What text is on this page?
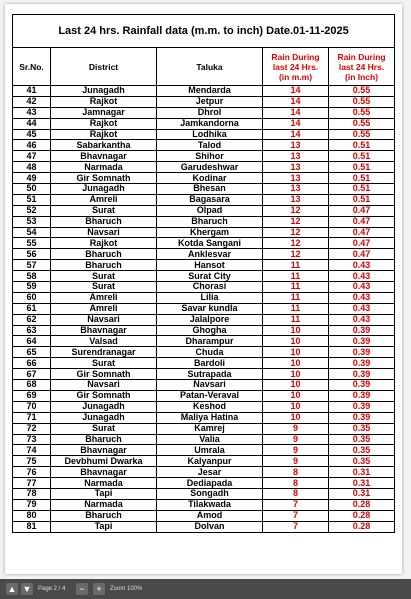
Last 24 hrs. Rainfall data (m.m. to inch) Date.01-11-2025				
Sr.No.	District	Taluka	Rain During last 24 Hrs. (in m.m)	Rain During last 24 Hrs. (in Inch)

41	Junagadh	Mendarda	14	0.55
42	Rajkot	Jetpur	14	0.55
43	Jamnagar	Dhrol	14	0.55
44	Rajkot	Jamkandorna	14	0.55
45	Rajkot	Lodhika	14	0.55
46	Sabarkantha	Talod	13	0.51
47	Bhavnagar	Shihor	13	0.51
48	Narmada	Garudeshwar	13	0.51
49	Gir Somnath	Kodinar	13	0.51
50	Junagadh	Bhesan	13	0.51
51	Amreli	Bagasara	13	0.51
52	Surat	Olpad	12	0.47
53	Bharuch	Bharuch	12	0.47
54	Navsari	Khergam	12	0.47
55	Rajkot	Kotda Sangani	12	0.47
56	Bharuch	Anklesvar	12	0.47
57	Bharuch	Hansot	11	0.43
58	Surat	Surat City	11	0.43
59	Surat	Chorasi	11	0.43
60	Amreli	Lilia	11	0.43
61	Amreli	Savar kundla	11	0.43
62	Navsari	Jalalpore	11	0.43
63	Bhavnagar	Ghogha	10	0.39
64	Valsad	Dharampur	10	0.39
65	Surendranagar	Chuda	10	0.39
66	Surat	Bardoli	10	0.39
67	Gir Somnath	Sutrapada	10	0.39
68	Navsari	Navsari	10	0.39
69	Gir Somnath	Patan-Veraval	10	0.39
70	Junagadh	Keshod	10	0.39
71	Junagadh	Maliya Hatina	10	0.39
72	Surat	Kamrej	9	0.35
73	Bharuch	Valia	9	0.35
74	Bhavnagar	Umrala	9	0.35
75	Devbhumi Dwarka	Kalyanpur	9	0.35
76	Bhavnagar	Jesar	8	0.31
77	Narmada	Dediapada	8	0.31
78	Tapi	Songadh	8	0.31
79	Narmada	Tilakwada	7	0.28
80	Bharuch	Amod	7	0.28
81	Tapi	Dolvan	7	0.28
▲ ▼ Page 2 / 4	−	+	Zoom 100%
